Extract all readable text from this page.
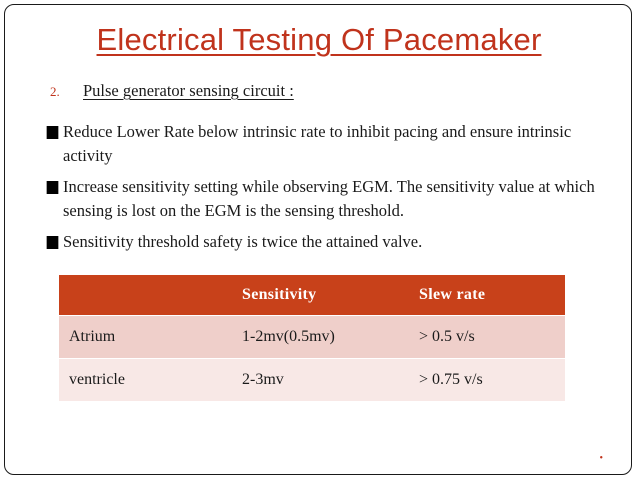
Electrical Testing Of Pacemaker
2. Pulse generator sensing circuit :
Reduce Lower Rate below intrinsic rate to inhibit pacing and ensure intrinsic activity
Increase sensitivity setting while observing EGM. The sensitivity value at which sensing is lost on the EGM is the sensing threshold.
Sensitivity threshold safety is twice the attained valve.
	Sensitivity	Slew rate
Atrium	1-2mv(0.5mv)	> 0.5 v/s
ventricle	2-3mv	> 0.75 v/s
•
